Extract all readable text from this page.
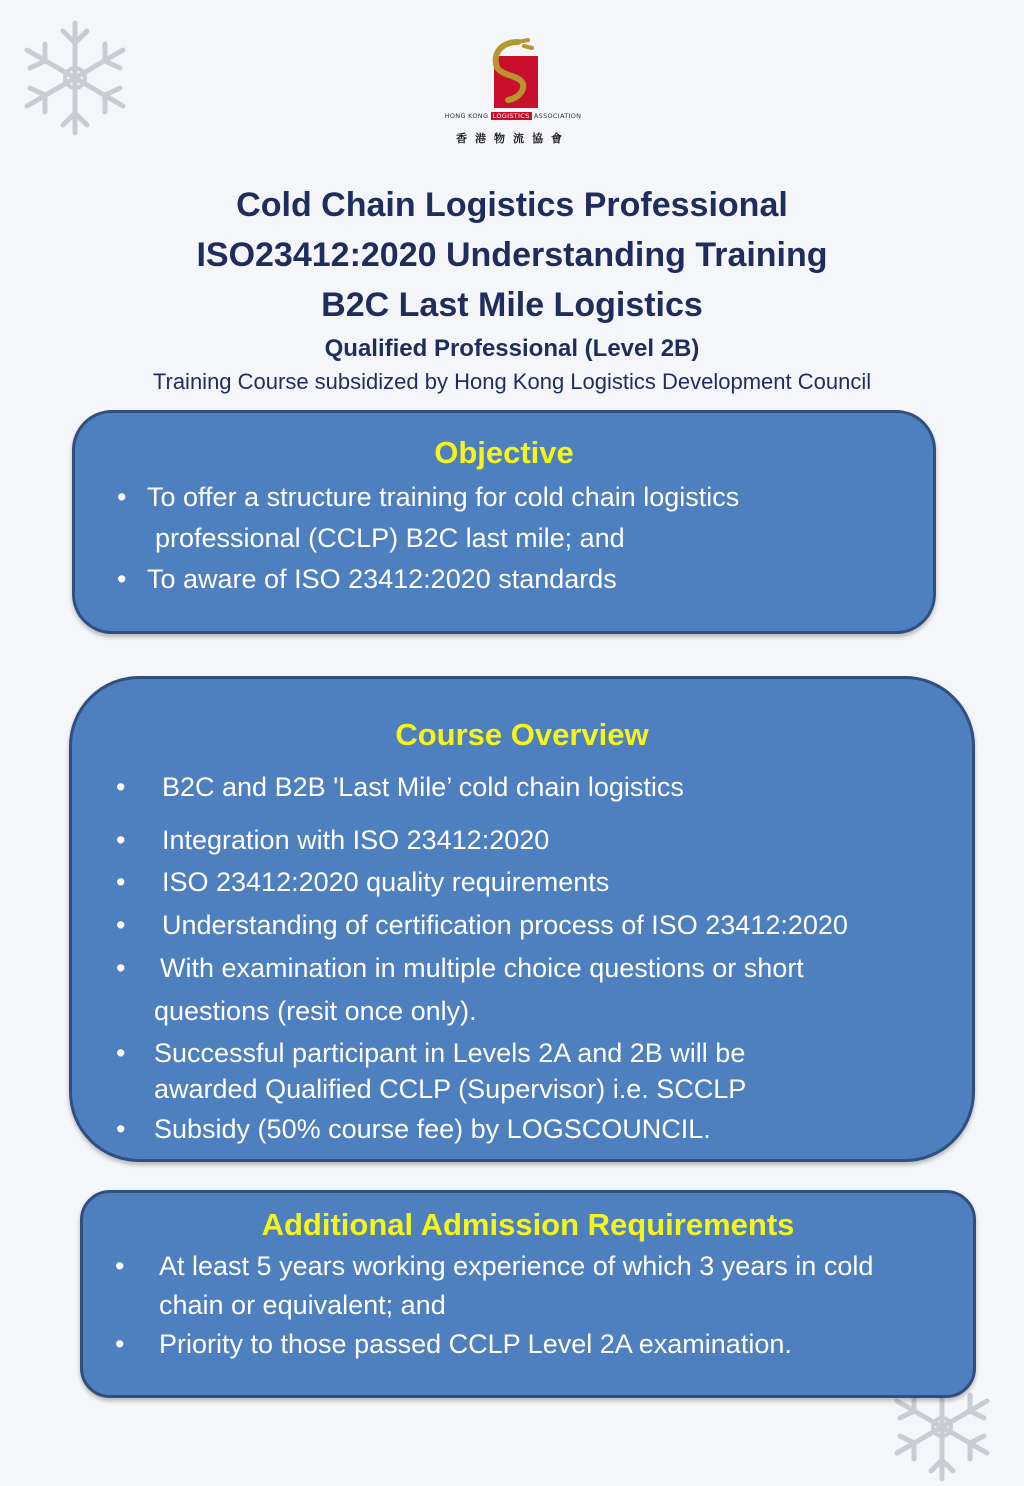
HONG KONG LOGISTICS ASSOCIATION
香港物流協會
Cold Chain Logistics Professional
ISO23412:2020 Understanding Training
B2C Last Mile Logistics
Qualified Professional (Level 2B)
Training Course subsidized by Hong Kong Logistics Development Council
Objective
• To offer a structure training for cold chain logistics

professional (CCLP) B2C last mile; and
• To aware of ISO 23412:2020 standards
Course Overview
• B2C and B2B 'Last Mile’ cold chain logistics
• Integration with ISO 23412:2020
• ISO 23412:2020 quality requirements
• Understanding of certification process of ISO 23412:2020
• With examination in multiple choice questions or short
questions (resit once only).
• Successful participant in Levels 2A and 2B will be
awarded Qualified CCLP (Supervisor) i.e. SCCLP
• Subsidy (50% course fee) by LOGSCOUNCIL.
Additional Admission Requirements
• At least 5 years working experience of which 3 years in cold
chain or equivalent; and
• Priority to those passed CCLP Level 2A examination.
